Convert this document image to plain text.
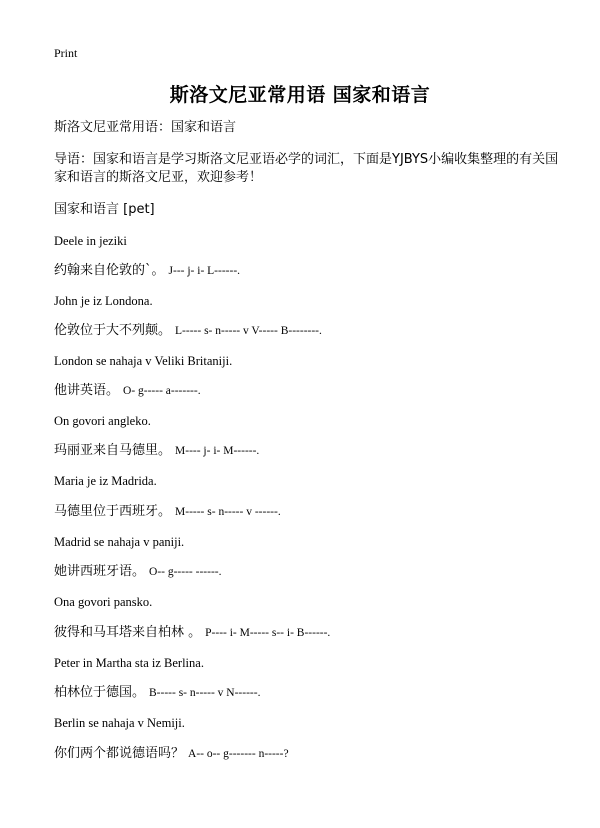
Print
斯洛文尼亚常用语 国家和语言
斯洛文尼亚常用语：国家和语言
导语：国家和语言是学习斯洛文尼亚语必学的词汇，下面是YJBYS小编收集整理的有关国家和语言的斯洛文尼亚，欢迎参考！
国家和语言 [pet]
Deele in jeziki
约翰来自伦敦的`。 J--- j- i- L------.
John je iz Londona.
伦敦位于大不列颠。 L----- s- n----- v V----- B--------.
London se nahaja v Veliki Britaniji.
他讲英语。 O- g----- a-------.
On govori angleko.
玛丽亚来自马德里。 M---- j- i- M------.
Maria je iz Madrida.
马德里位于西班牙。 M----- s- n----- v ------.
Madrid se nahaja v paniji.
她讲西班牙语。 O-- g----- ------.
Ona govori pansko.
彼得和马耳塔来自柏林 。 P---- i- M----- s-- i- B------.
Peter in Martha sta iz Berlina.
柏林位于德国。 B----- s- n----- v N------.
Berlin se nahaja v Nemiji.
你们两个都说德语吗？ A-- o-- g------- n-----?
